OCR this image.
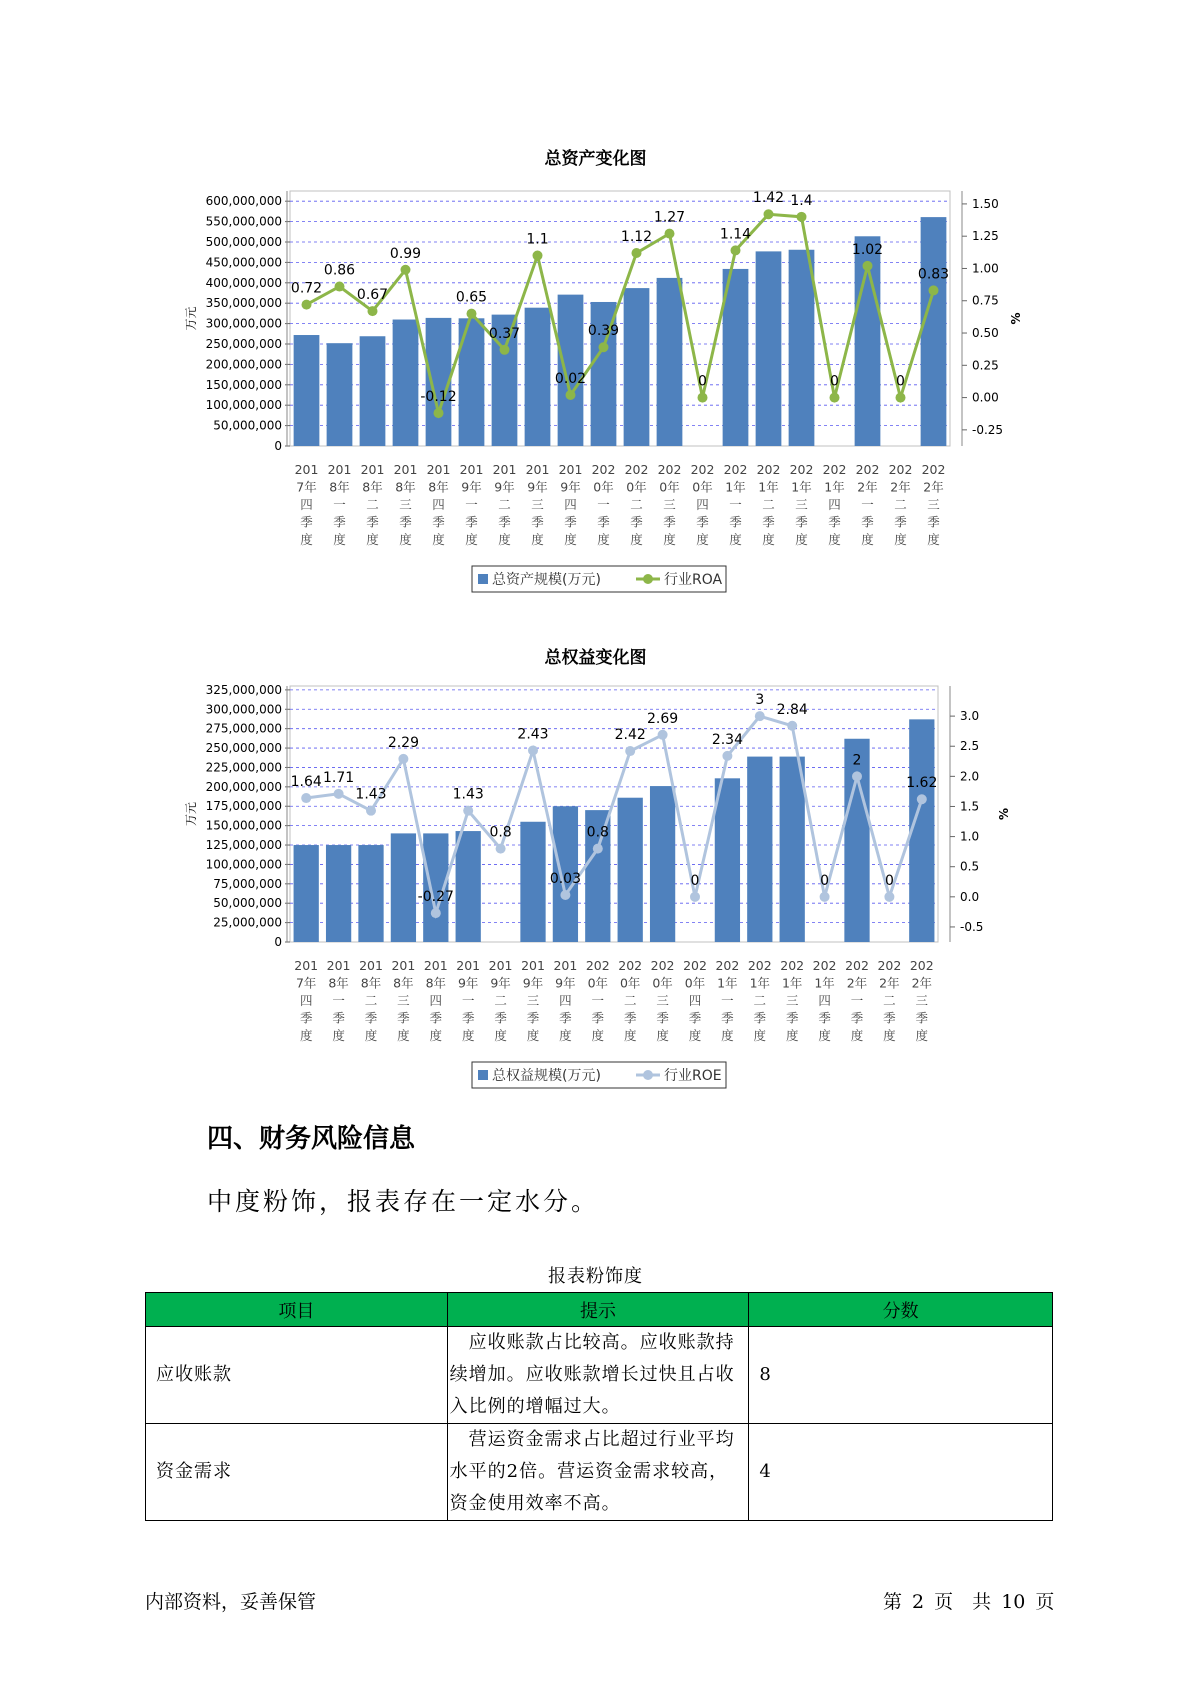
总资产变化图
0
50,000,000
100,000,000
150,000,000
200,000,000
250,000,000
300,000,000
350,000,000
400,000,000
450,000,000
500,000,000
550,000,000
600,000,000
万元
-0.25
0.00
0.25
0.50
0.75
1.00
1.25
1.50
%
0.72
0.86
0.67
0.99
-0.12
0.65
0.37
1.1
0.02
0.39
1.12
1.27
0
1.14
1.42 1.4
0
1.02
0
0.83
201
7年
四
季
度
201
8年
一
季
度
201
8年
二
季
度
201
8年
三
季
度
201
8年
四
季
度
201
9年
一
季
度
201
9年
二
季
度
201
9年
三
季
度
201
9年
四
季
度
202
0年
一
季
度
202
0年
二
季
度
202
0年
三
季
度
202
0年
四
季
度
202
1年
一
季
度
202
1年
二
季
度
202
1年
三
季
度
202
1年
四
季
度
202
2年
一
季
度
202
2年
二
季
度
202
2年
三
季
度
总资产规模(万元)	行业ROA
总权益变化图
0
25,000,000
50,000,000
75,000,000
100,000,000
125,000,000
150,000,000
175,000,000
200,000,000
225,000,000
250,000,000
275,000,000
300,000,000
325,000,000
万元
-0.5
0.0
0.5
1.0
1.5
2.0
2.5
3.0
%
1.64 1.71
1.43
2.29
-0.27
1.43
0.8
2.43
0.03
0.8
2.42
2.69
0
2.34
3
2.84
0
2
0
1.62
201
7年
四
季
度
201
8年
一
季
度
201
8年
二
季
度
201
8年
三
季
度
201
8年
四
季
度
201
9年
一
季
度
201
9年
二
季
度
201
9年
三
季
度
201
9年
四
季
度
202
0年
一
季
度
202
0年
二
季
度
202
0年
三
季
度
202
0年
四
季
度
202
1年
一
季
度
202
1年
二
季
度
202
1年
三
季
度
202
1年
四
季
度
202
2年
一
季
度
202
2年
二
季
度
202
2年
三
季
度
总权益规模(万元)	行业ROE
四、财务风险信息
中度粉饰，报表存在一定水分。
报表粉饰度
项目	提示	分数
应收账款	　应收账款占比较高。应收账款持续增加。应收账款增长过快且占收入比例的增幅过大。	8
资金需求	　营运资金需求占比超过行业平均水平的2倍。营运资金需求较高，资金使用效率不高。	4
内部资料，妥善保管	第 2 页　共 10 页
